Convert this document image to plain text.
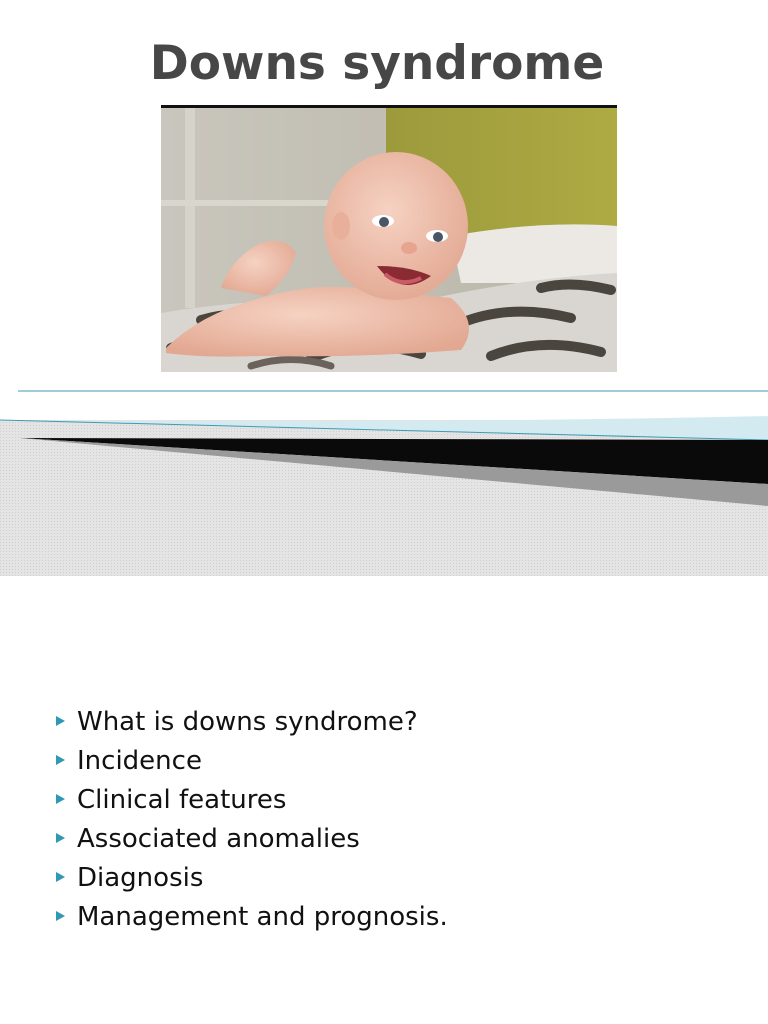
Downs syndrome
What is downs syndrome?
Incidence
Clinical features
Associated anomalies
Diagnosis
Management and prognosis.
